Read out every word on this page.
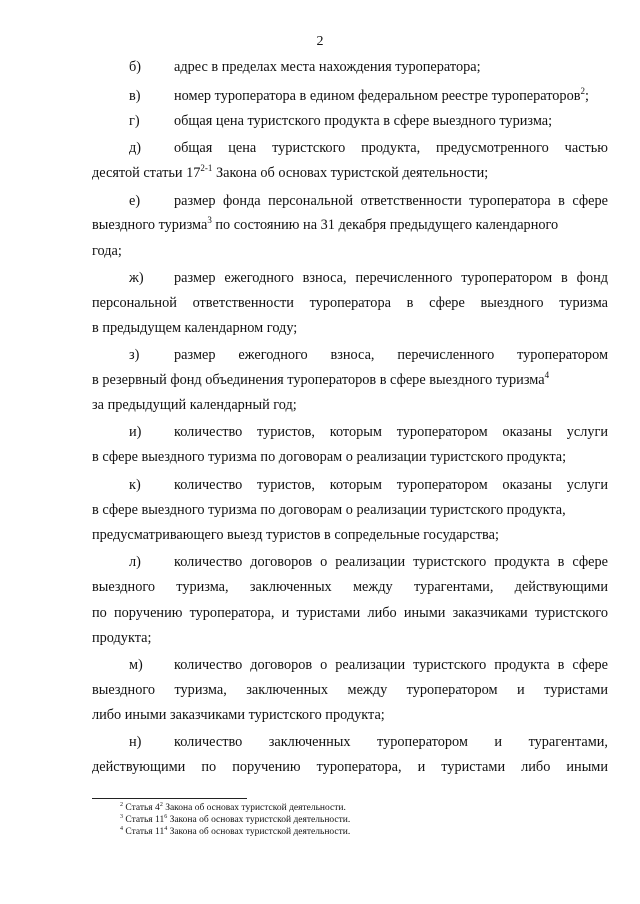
2
б) адрес в пределах места нахождения туроператора;
в) номер туроператора в едином федеральном реестре туроператоров$^2$;
г) общая цена туристского продукта в сфере выездного туризма;
д) общая цена туристского продукта, предусмотренного частью
десятой статьи 17$^{2-1}$ Закона об основах туристской деятельности;
е) размер фонда персональной ответственности туроператора в сфере
выездного туризма$^3$ по состоянию на 31 декабря предыдущего календарного
года;
ж) размер ежегодного взноса, перечисленного туроператором в фонд
персональной ответственности туроператора в сфере выездного туризма
в предыдущем календарном году;
з) размер ежегодного взноса, перечисленного туроператором
в резервный фонд объединения туроператоров в сфере выездного туризма$^4$
за предыдущий календарный год;
и) количество туристов, которым туроператором оказаны услуги
в сфере выездного туризма по договорам о реализации туристского продукта;
к) количество туристов, которым туроператором оказаны услуги
в сфере выездного туризма по договорам о реализации туристского продукта,
предусматривающего выезд туристов в сопредельные государства;
л) количество договоров о реализации туристского продукта в сфере
выездного туризма, заключенных между турагентами, действующими
по поручению туроператора, и туристами либо иными заказчиками туристского
продукта;
м) количество договоров о реализации туристского продукта в сфере
выездного туризма, заключенных между туроператором и туристами
либо иными заказчиками туристского продукта;
н) количество заключенных туроператором и турагентами,
действующими по поручению туроператора, и туристами либо иными
$^2$ Статья $4^2$ Закона об основах туристской деятельности.
$^3$ Статья $11^6$ Закона об основах туристской деятельности.
$^4$ Статья $11^4$ Закона об основах туристской деятельности.
